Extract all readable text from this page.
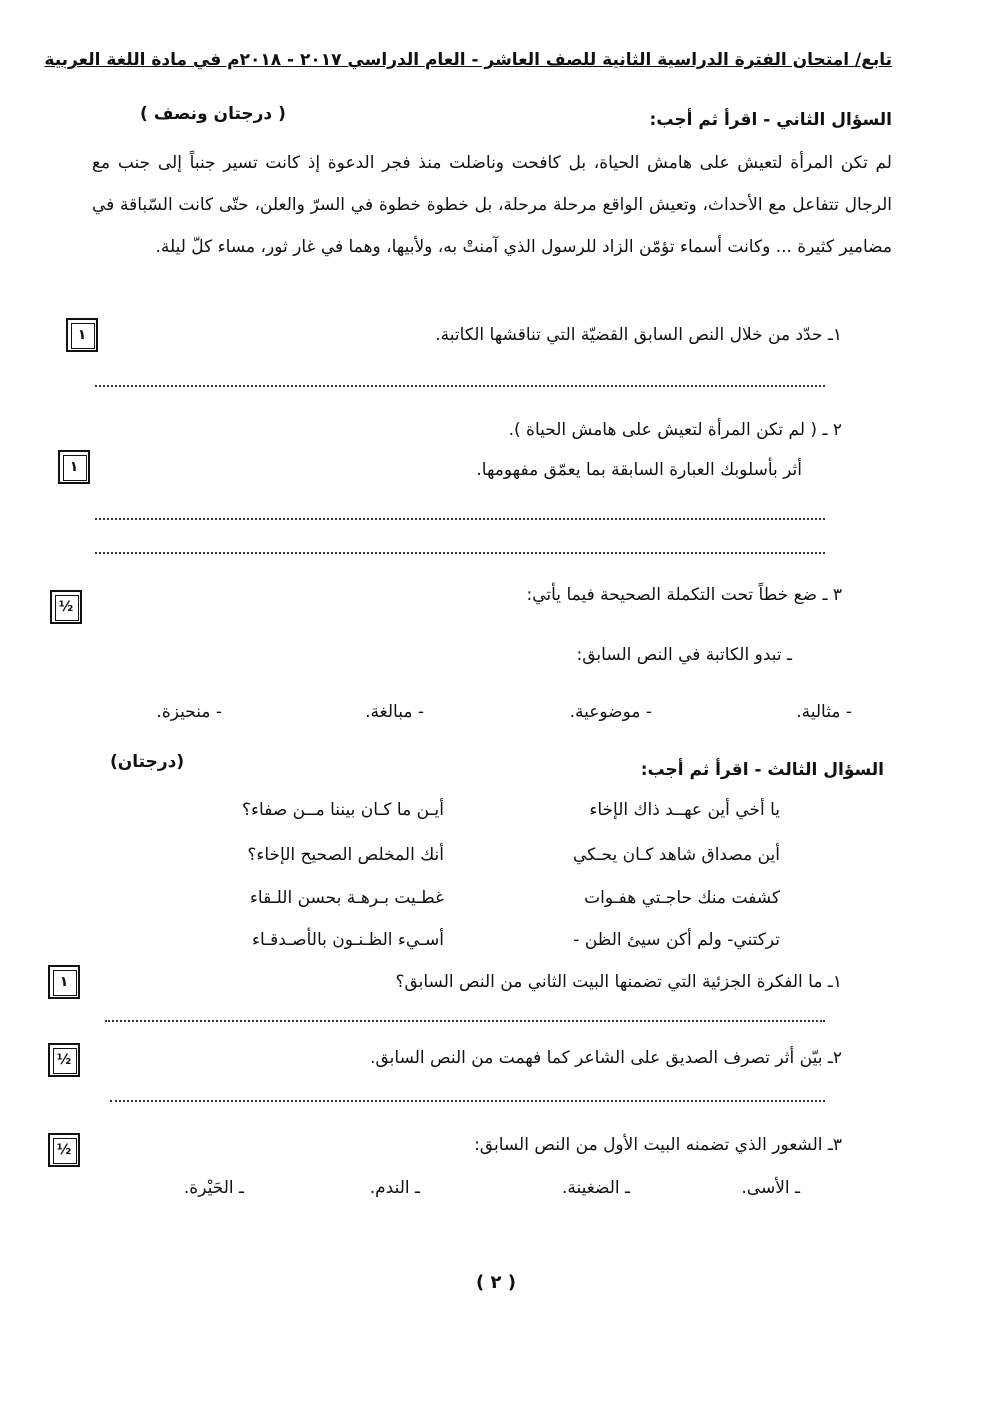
تابع/ امتحان الفترة الدراسية الثانية للصف العاشر - العام الدراسي ٢٠١٧ - ٢٠١٨م في مادة اللغة العربية
السؤال الثاني - اقرأ ثم أجب:
( درجتان ونصف )
لم تكن المرأة لتعيش على هامش الحياة، بل كافحت وناضلت منذ فجر الدعوة إذ كانت تسير جنباً إلى جنب مع الرجال تتفاعل مع الأحداث، وتعيش الواقع مرحلة مرحلة، بل خطوة خطوة في السرّ والعلن، حتّى كانت السّباقة في مضامير كثيرة ... وكانت أسماء تؤمّن الزاد للرسول الذي آمنتْ به، ولأبيها، وهما في غار ثور، مساء كلّ ليلة.
١ـ حدّد من خلال النص السابق القضيّة التي تناقشها الكاتبة.
١
٢ ـ ( لم تكن المرأة لتعيش على هامش الحياة ).
أثر بأسلوبك العبارة السابقة بما يعمّق مفهومها.
١
٣ ـ ضع خطاً تحت التكملة الصحيحة فيما يأتي:
½
ـ تبدو الكاتبة في النص السابق:
- مثالية.
- موضوعية.
- مبالغة.
- منحيزة.
السؤال الثالث - اقرأ ثم أجب:
(درجتان)
يا أخي أين عهــد ذاك الإخاء
أيـن ما كـان بيننا مــن صفاء؟
أين مصداق شاهد كـان يحـكي
أنك المخلص الصحيح الإخاء؟
كشفت منك حاجـتي هفـوات
غطـيت بـرهـة بحسن اللـقاء
تركتني- ولم أكن سيئ الظن -
أسـيء الظـنـون بالأصـدقـاء
١ـ ما الفكرة الجزئية التي تضمنها البيت الثاني من النص السابق؟
١
٢ـ بيّن أثر تصرف الصديق على الشاعر كما فهمت من النص السابق.
½
٣ـ الشعور الذي تضمنه البيت الأول من النص السابق:
½
ـ الأسى.
ـ الضغينة.
ـ الندم.
ـ الحَيْرة.
( ٢ )
